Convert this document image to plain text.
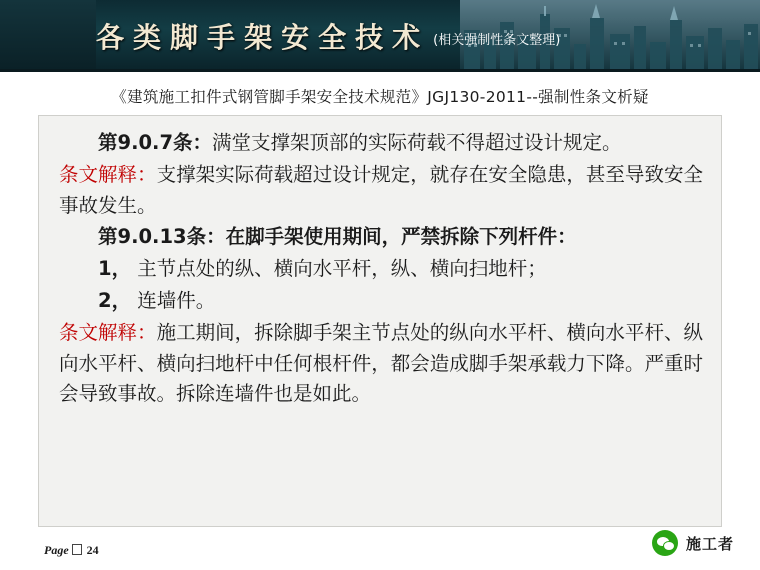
各类脚手架安全技术 (相关强制性条文整理)
《建筑施工扣件式钢管脚手架安全技术规范》JGJ130-2011--强制性条文析疑

第9.0.7条：满堂支撑架顶部的实际荷载不得超过设计规定。

条文解释：支撑架实际荷载超过设计规定，就存在安全隐患，甚至导致安全事故发生。

第9.0.13条：在脚手架使用期间，严禁拆除下列杆件：

1， 主节点处的纵、横向水平杆，纵、横向扫地杆；

2， 连墙件。

条文解释：施工期间，拆除脚手架主节点处的纵向水平杆、横向水平杆、纵向水平杆、横向扫地杆中任何根杆件，都会造成脚手架承载力下降。严重时会导致事故。拆除连墙件也是如此。

Page 24	施工者
